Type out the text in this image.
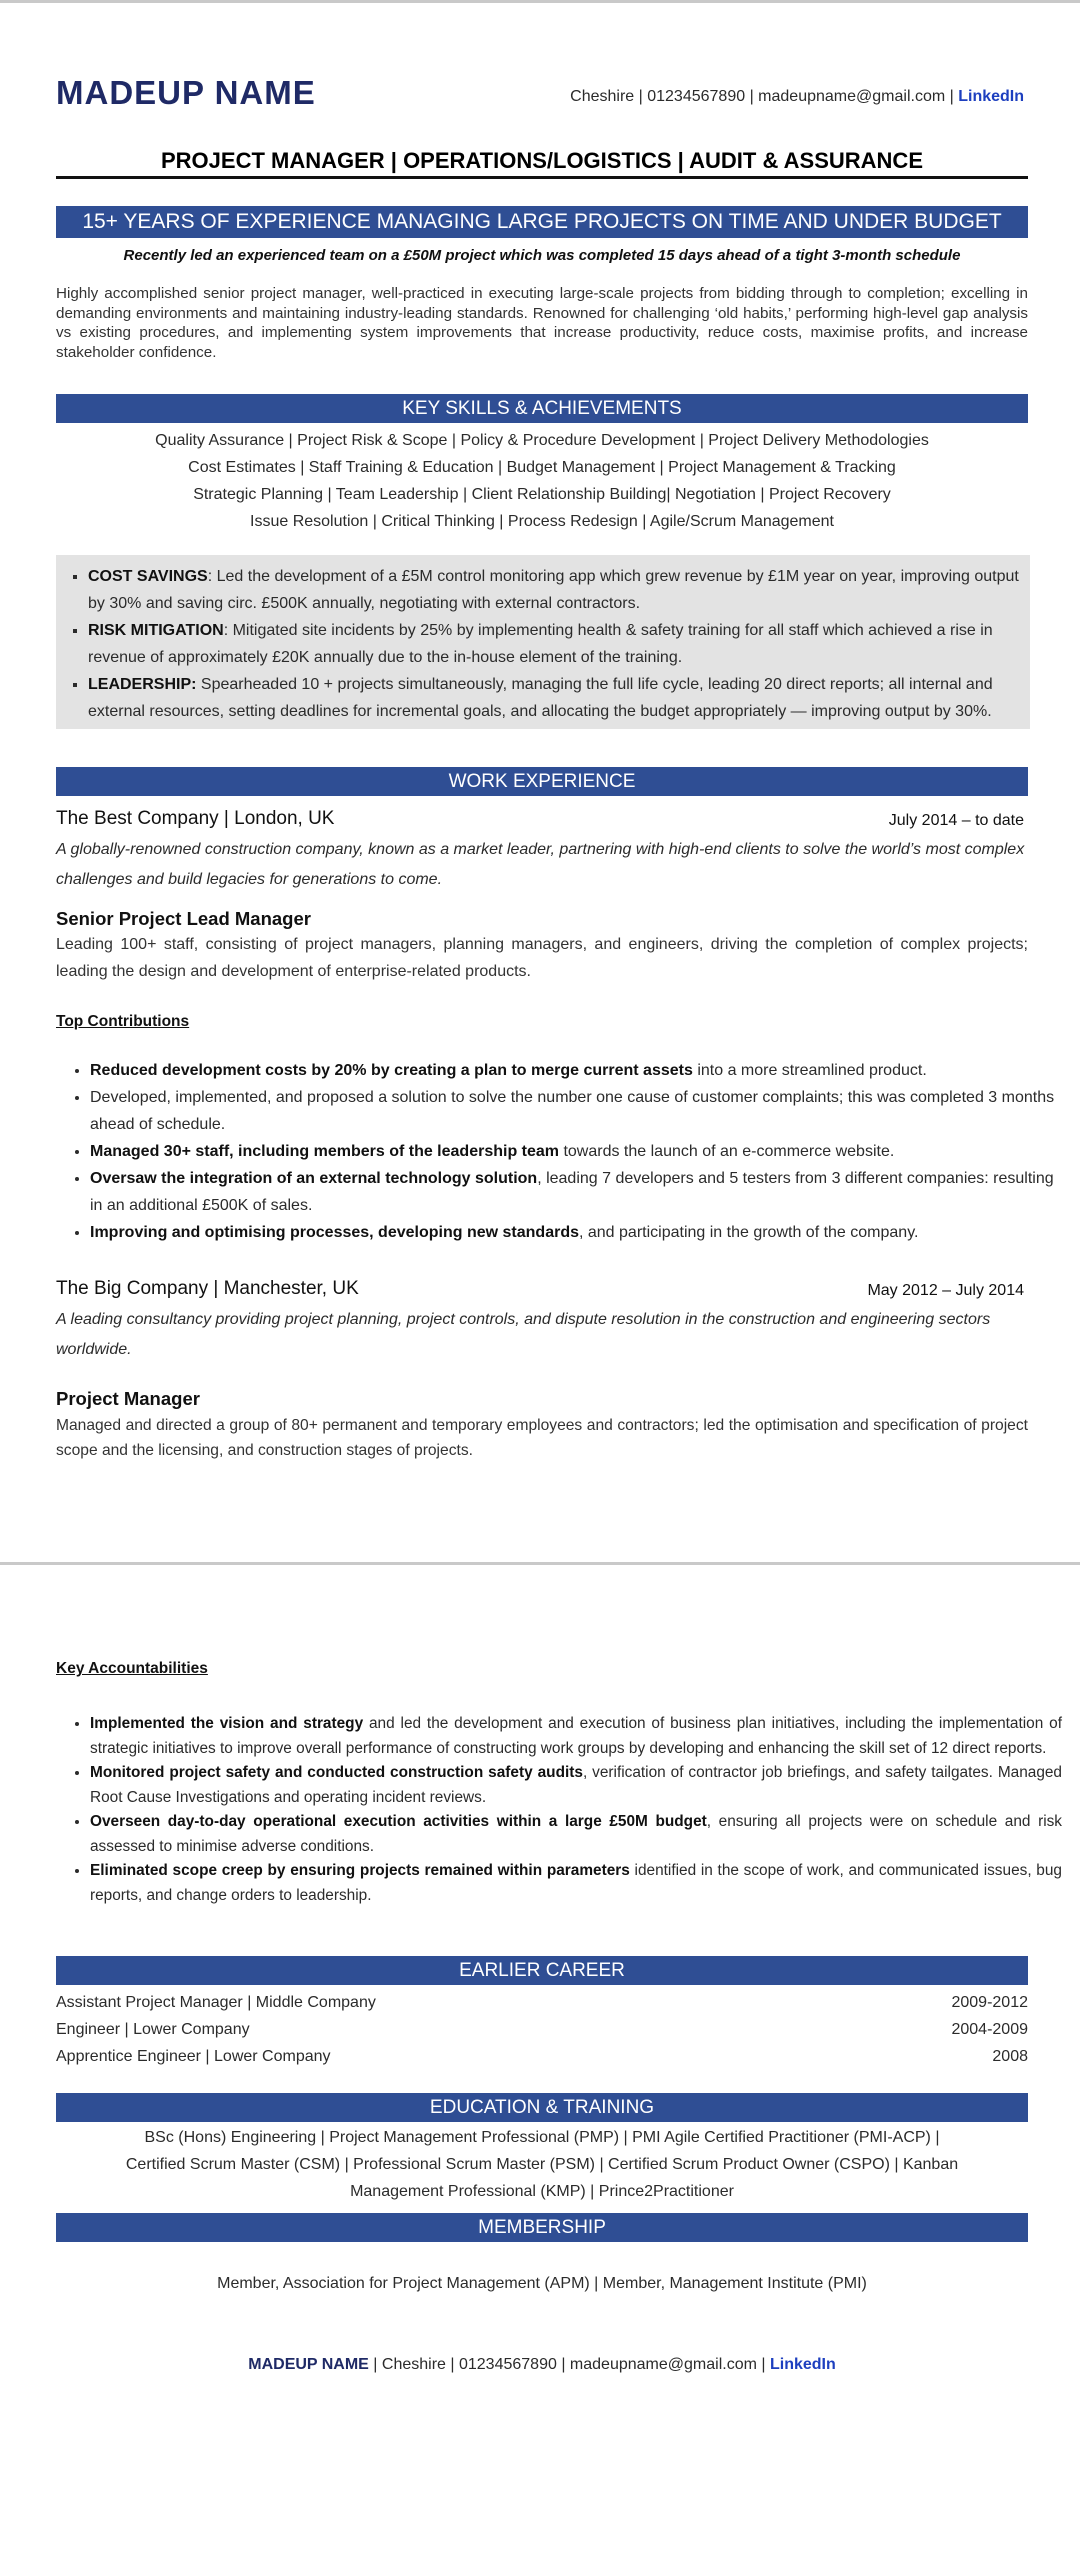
MADEUP NAME	Cheshire | 01234567890 | madeupname@gmail.com | LinkedIn
PROJECT MANAGER | OPERATIONS/LOGISTICS | AUDIT & ASSURANCE
15+ YEARS OF EXPERIENCE MANAGING LARGE PROJECTS ON TIME AND UNDER BUDGET
Recently led an experienced team on a £50M project which was completed 15 days ahead of a tight 3-month schedule
Highly accomplished senior project manager, well-practiced in executing large-scale projects from bidding through to completion; excelling in demanding environments and maintaining industry-leading standards. Renowned for challenging ‘old habits,’ performing high-level gap analysis vs existing procedures, and implementing system improvements that increase productivity, reduce costs, maximise profits, and increase stakeholder confidence.
KEY SKILLS & ACHIEVEMENTS
Quality Assurance | Project Risk & Scope | Policy & Procedure Development | Project Delivery Methodologies
Cost Estimates | Staff Training & Education | Budget Management | Project Management & Tracking
Strategic Planning | Team Leadership | Client Relationship Building| Negotiation | Project Recovery
Issue Resolution | Critical Thinking | Process Redesign | Agile/Scrum Management
▪ COST SAVINGS: Led the development of a £5M control monitoring app which grew revenue by £1M year on year, improving output by 30% and saving circ. £500K annually, negotiating with external contractors.
▪ RISK MITIGATION: Mitigated site incidents by 25% by implementing health & safety training for all staff which achieved a rise in revenue of approximately £20K annually due to the in-house element of the training.
▪ LEADERSHIP: Spearheaded 10 + projects simultaneously, managing the full life cycle, leading 20 direct reports; all internal and external resources, setting deadlines for incremental goals, and allocating the budget appropriately — improving output by 30%.
WORK EXPERIENCE
The Best Company | London, UK	July 2014 – to date
A globally-renowned construction company, known as a market leader, partnering with high-end clients to solve the world’s most complex challenges and build legacies for generations to come.
Senior Project Lead Manager
Leading 100+ staff, consisting of project managers, planning managers, and engineers, driving the completion of complex projects; leading the design and development of enterprise-related products.
Top Contributions
• Reduced development costs by 20% by creating a plan to merge current assets into a more streamlined product.
• Developed, implemented, and proposed a solution to solve the number one cause of customer complaints; this was completed 3 months ahead of schedule.
• Managed 30+ staff, including members of the leadership team towards the launch of an e-commerce website.
• Oversaw the integration of an external technology solution, leading 7 developers and 5 testers from 3 different companies: resulting in an additional £500K of sales.
• Improving and optimising processes, developing new standards, and participating in the growth of the company.
The Big Company | Manchester, UK	May 2012 – July 2014
A leading consultancy providing project planning, project controls, and dispute resolution in the construction and engineering sectors worldwide.
Project Manager
Managed and directed a group of 80+ permanent and temporary employees and contractors; led the optimisation and specification of project scope and the licensing, and construction stages of projects.
Key Accountabilities
• Implemented the vision and strategy and led the development and execution of business plan initiatives, including the implementation of strategic initiatives to improve overall performance of constructing work groups by developing and enhancing the skill set of 12 direct reports.
• Monitored project safety and conducted construction safety audits, verification of contractor job briefings, and safety tailgates. Managed Root Cause Investigations and operating incident reviews.
• Overseen day-to-day operational execution activities within a large £50M budget, ensuring all projects were on schedule and risk assessed to minimise adverse conditions.
• Eliminated scope creep by ensuring projects remained within parameters identified in the scope of work, and communicated issues, bug reports, and change orders to leadership.
EARLIER CAREER
Assistant Project Manager | Middle Company	2009-2012
Engineer | Lower Company	2004-2009
Apprentice Engineer | Lower Company	2008
EDUCATION & TRAINING
BSc (Hons) Engineering | Project Management Professional (PMP) | PMI Agile Certified Practitioner (PMI-ACP) |
Certified Scrum Master (CSM) | Professional Scrum Master (PSM) | Certified Scrum Product Owner (CSPO) | Kanban
Management Professional (KMP) | Prince2Practitioner
MEMBERSHIP
Member, Association for Project Management (APM) | Member, Management Institute (PMI)
MADEUP NAME | Cheshire | 01234567890 | madeupname@gmail.com | LinkedIn
